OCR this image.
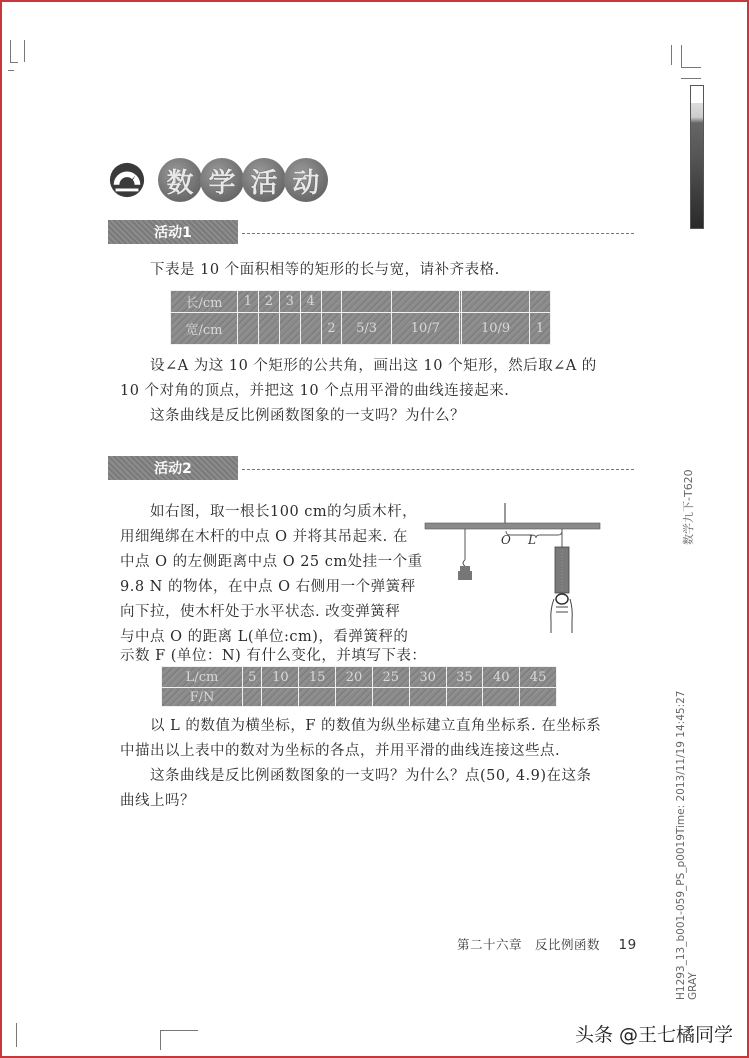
数 学 活 动
活动1
下表是 10 个面积相等的矩形的长与宽，请补齐表格.
长/cm	1	2	3	4						
宽/cm					2	5/3	10/7		10/9	1
设∠A 为这 10 个矩形的公共角，画出这 10 个矩形，然后取∠A 的
10 个对角的顶点，并把这 10 个点用平滑的曲线连接起来.
这条曲线是反比例函数图象的一支吗？为什么？
活动2
如右图，取一根长100 cm的匀质木杆，
用细绳绑在木杆的中点 O 并将其吊起来. 在
中点 O 的左侧距离中点 O 25 cm处挂一个重
9.8 N 的物体，在中点 O 右侧用一个弹簧秤
向下拉，使木杆处于水平状态. 改变弹簧秤
与中点 O 的距离 L(单位:cm)，看弹簧秤的
示数 F (单位：N) 有什么变化，并填写下表：
O L
L/cm	5	10	15	20	25	30	35	40	45
F/N									
以 L 的数值为横坐标，F 的数值为纵坐标建立直角坐标系. 在坐标系
中描出以上表中的数对为坐标的各点，并用平滑的曲线连接这些点.
这条曲线是反比例函数图象的一支吗？为什么？点(50, 4.9)在这条
曲线上吗？
数学九下-T620
H1293_13_b001-059_PS_p0019Time: 2013/11/19 14:45:27 GRAY
第二十六章　反比例函数 19
头条 @王七橘同学
